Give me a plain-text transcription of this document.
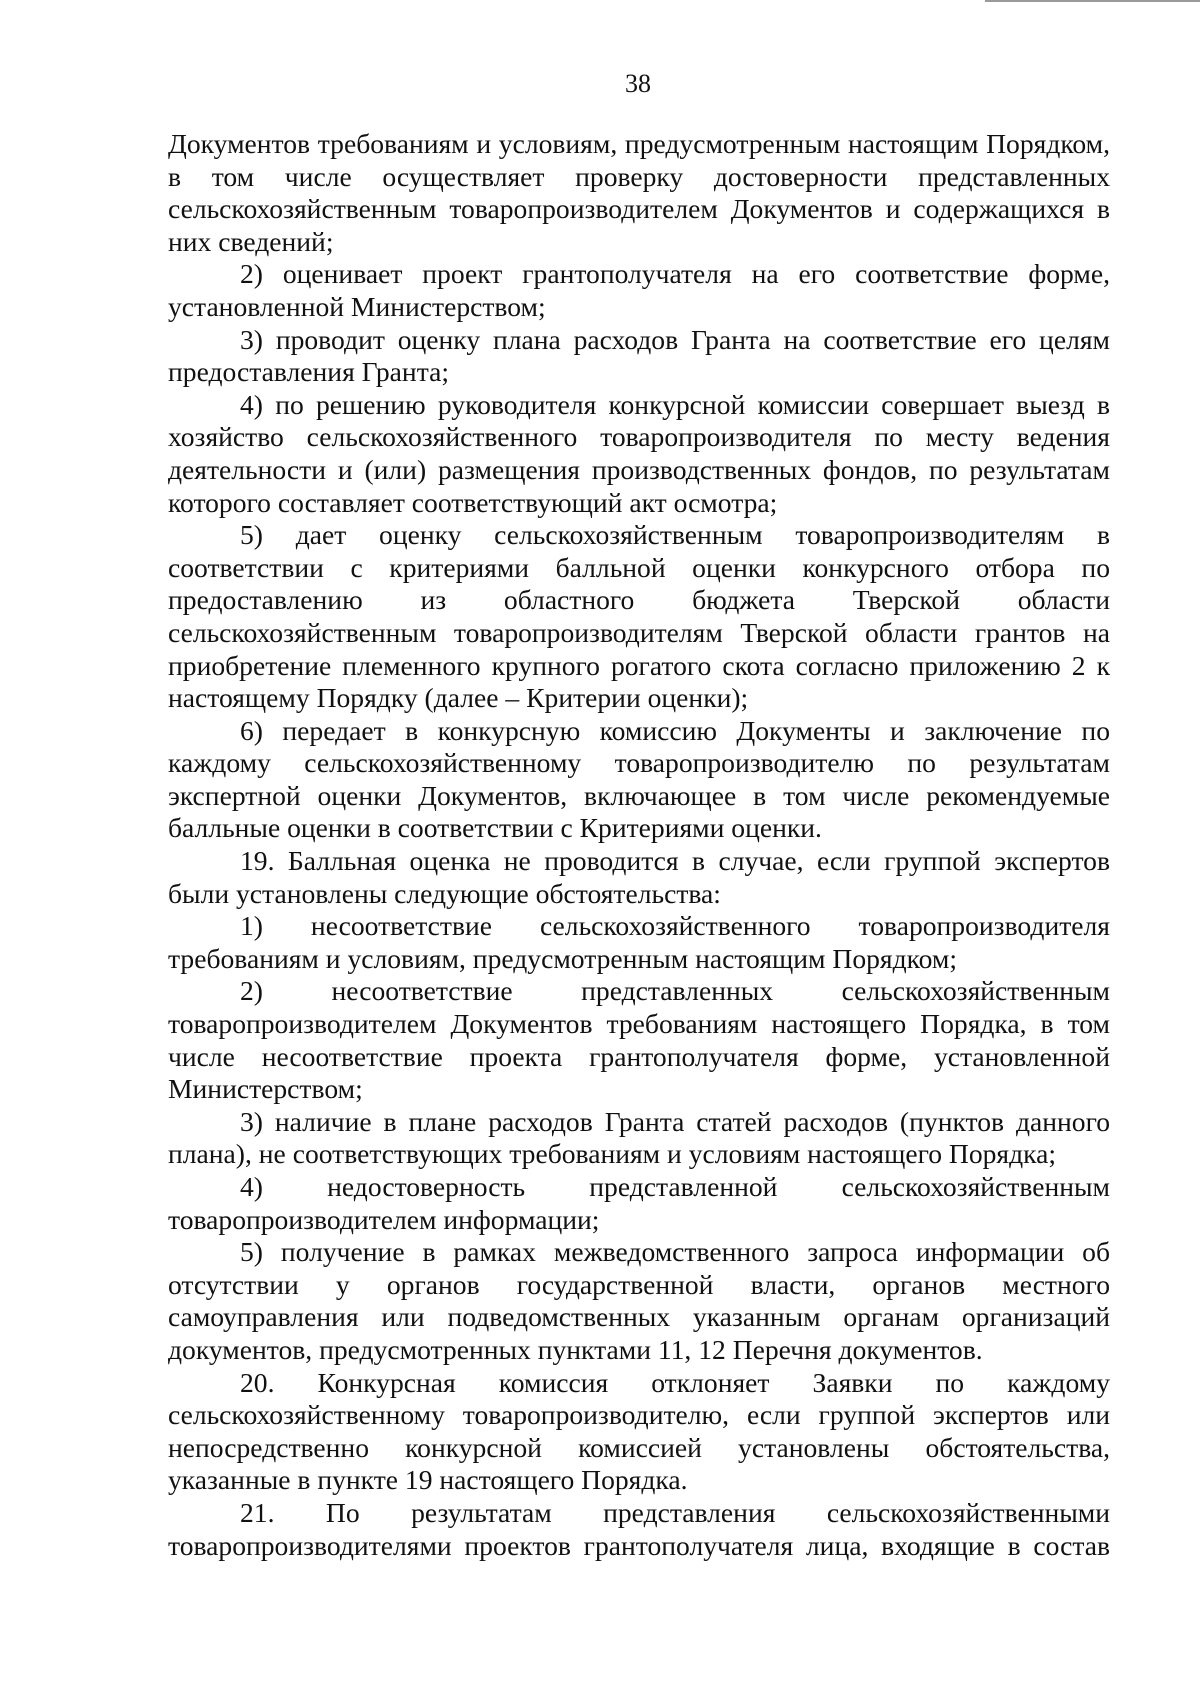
38

Документов требованиям и условиям, предусмотренным настоящим Порядком, в том числе осуществляет проверку достоверности представленных сельскохозяйственным товаропроизводителем Документов и содержащихся в них сведений;

2) оценивает проект грантополучателя на его соответствие форме, установленной Министерством;

3) проводит оценку плана расходов Гранта на соответствие его целям предоставления Гранта;

4) по решению руководителя конкурсной комиссии совершает выезд в хозяйство сельскохозяйственного товаропроизводителя по месту ведения деятельности и (или) размещения производственных фондов, по результатам которого составляет соответствующий акт осмотра;

5) дает оценку сельскохозяйственным товаропроизводителям в соответствии с критериями балльной оценки конкурсного отбора по предоставлению из областного бюджета Тверской области сельскохозяйственным товаропроизводителям Тверской области грантов на приобретение племенного крупного рогатого скота согласно приложению 2 к настоящему Порядку (далее – Критерии оценки);

6) передает в конкурсную комиссию Документы и заключение по каждому сельскохозяйственному товаропроизводителю по результатам экспертной оценки Документов, включающее в том числе рекомендуемые балльные оценки в соответствии с Критериями оценки.

19. Балльная оценка не проводится в случае, если группой экспертов были установлены следующие обстоятельства:

1) несоответствие сельскохозяйственного товаропроизводителя требованиям и условиям, предусмотренным настоящим Порядком;

2) несоответствие представленных сельскохозяйственным товаропроизводителем Документов требованиям настоящего Порядка, в том числе несоответствие проекта грантополучателя форме, установленной Министерством;

3) наличие в плане расходов Гранта статей расходов (пунктов данного плана), не соответствующих требованиям и условиям настоящего Порядка;

4) недостоверность представленной сельскохозяйственным товаропроизводителем информации;

5) получение в рамках межведомственного запроса информации об отсутствии у органов государственной власти, органов местного самоуправления или подведомственных указанным органам организаций документов, предусмотренных пунктами 11, 12 Перечня документов.

20. Конкурсная комиссия отклоняет Заявки по каждому сельскохозяйственному товаропроизводителю, если группой экспертов или непосредственно конкурсной комиссией установлены обстоятельства, указанные в пункте 19 настоящего Порядка.

21. По результатам представления сельскохозяйственными товаропроизводителями проектов грантополучателя лица, входящие в состав
